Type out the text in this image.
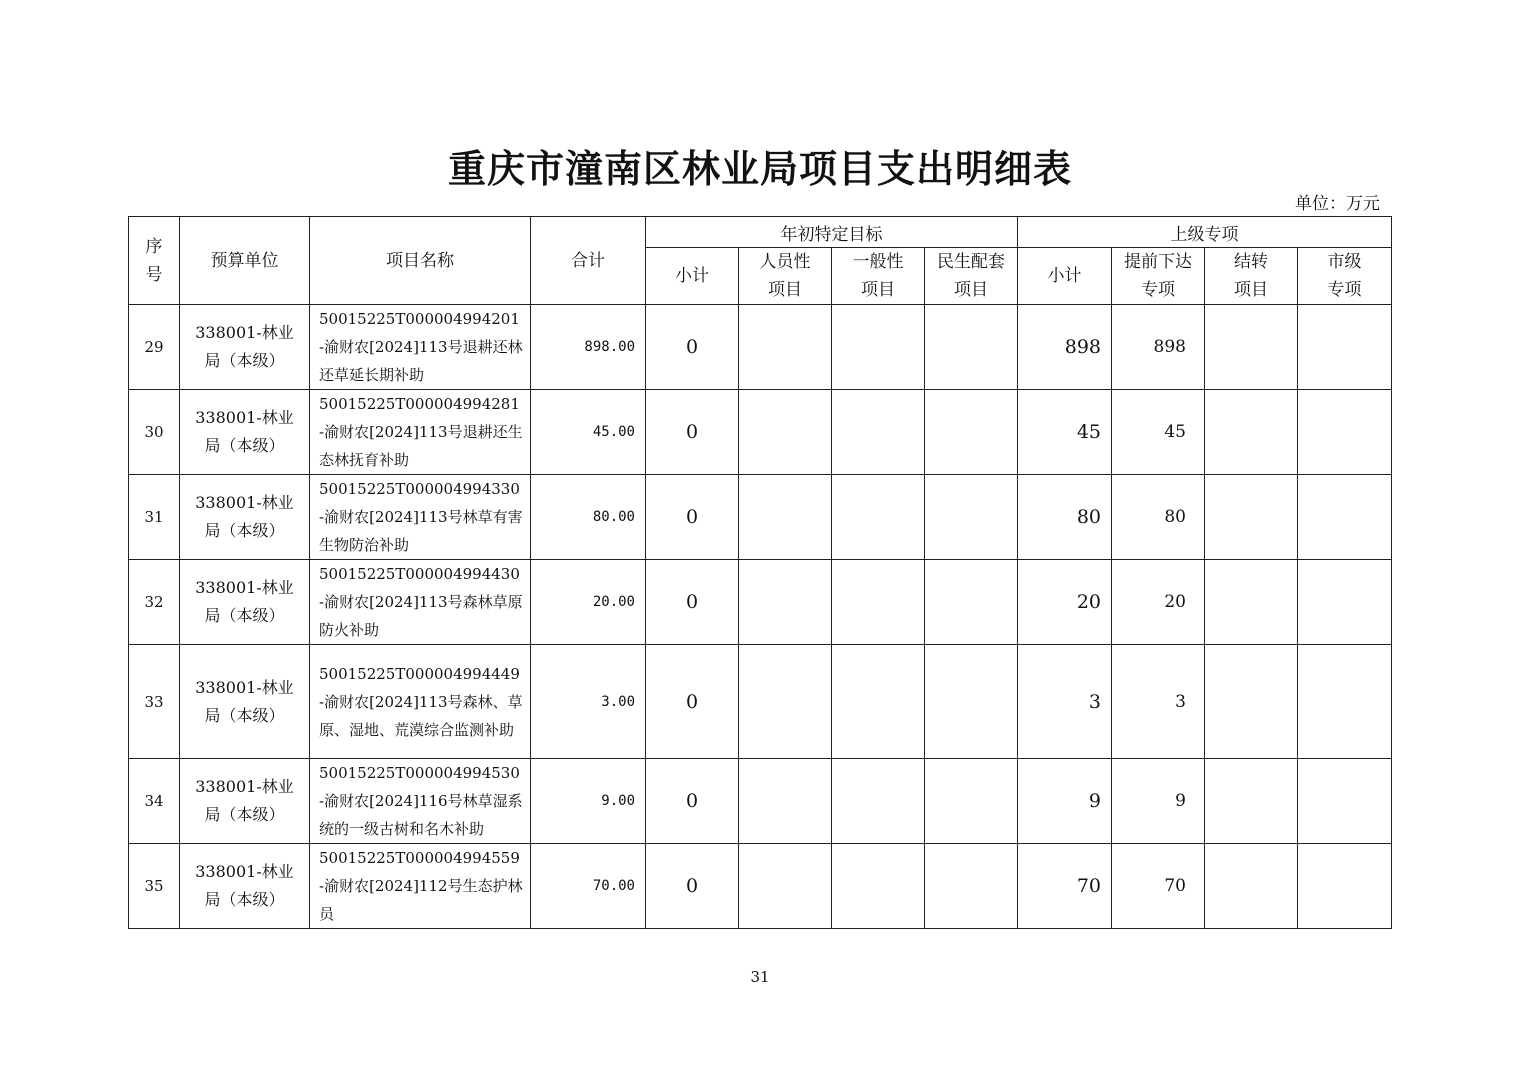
重庆市潼南区林业局项目支出明细表
单位：万元
序号	预算单位	项目名称	合计	年初特定目标				上级专项			
				小计	人员性项目	一般性项目	民生配套项目	小计	提前下达专项	结转项目	市级专项
29	338001-林业局（本级）	50015225T000004994201-渝财农[2024]113号退耕还林还草延长期补助	898.00	0				898	898		
30	338001-林业局（本级）	50015225T000004994281-渝财农[2024]113号退耕还生态林抚育补助	45.00	0				45	45		
31	338001-林业局（本级）	50015225T000004994330-渝财农[2024]113号林草有害生物防治补助	80.00	0				80	80		
32	338001-林业局（本级）	50015225T000004994430-渝财农[2024]113号森林草原防火补助	20.00	0				20	20		
33	338001-林业局（本级）	50015225T000004994449-渝财农[2024]113号森林、草原、湿地、荒漠综合监测补助	3.00	0				3	3		
34	338001-林业局（本级）	50015225T000004994530-渝财农[2024]116号林草湿系统的一级古树和名木补助	9.00	0				9	9		
35	338001-林业局（本级）	50015225T000004994559-渝财农[2024]112号生态护林员	70.00	0				70	70		
31
